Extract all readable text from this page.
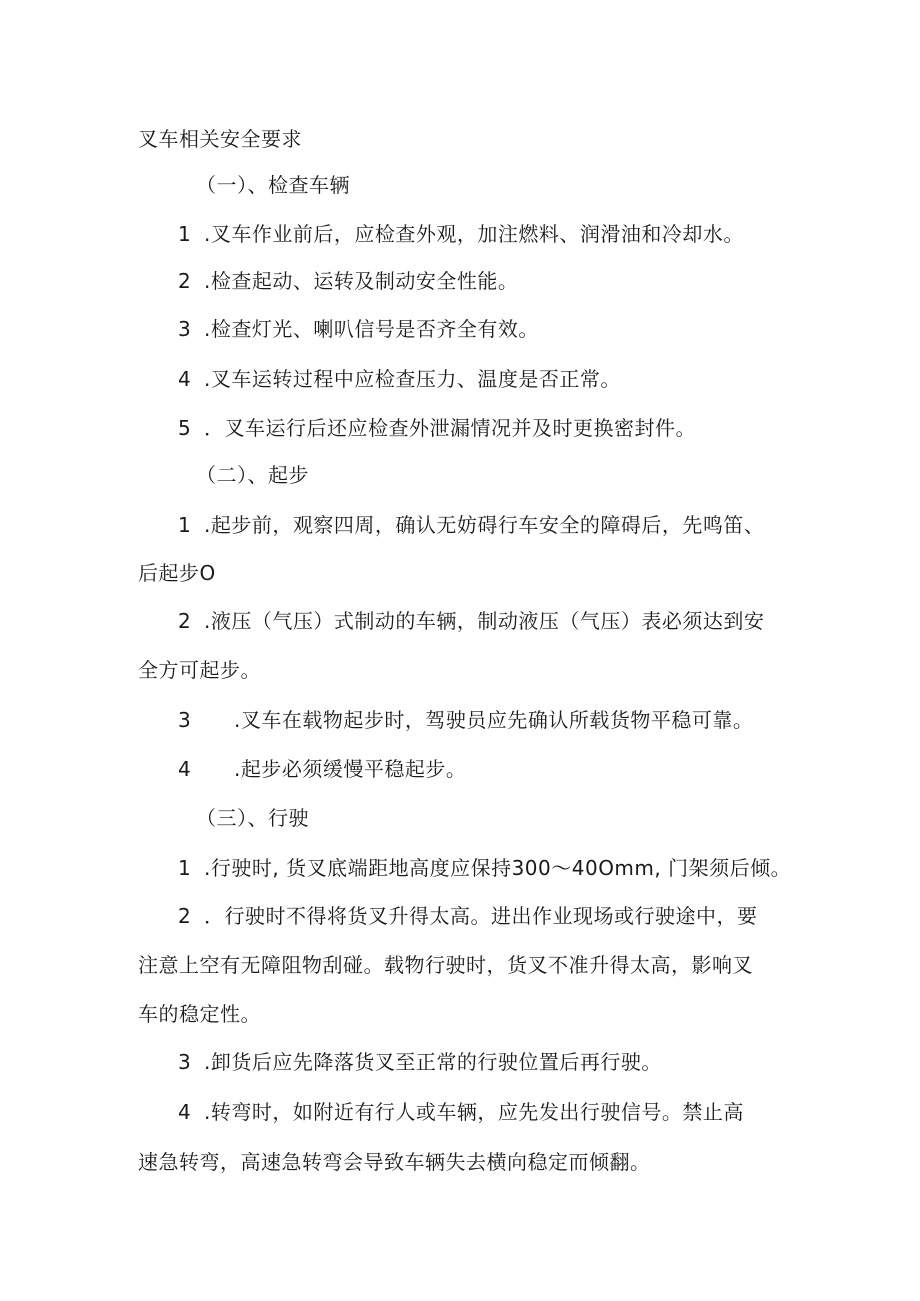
叉车相关安全要求
（一）、检查车辆
1 .叉车作业前后，应检查外观，加注燃料、润滑油和冷却水。
2 .检查起动、运转及制动安全性能。
3 .检查灯光、喇叭信号是否齐全有效。
4 .叉车运转过程中应检查压力、温度是否正常。
5 ．叉车运行后还应检查外泄漏情况并及时更换密封件。
（二）、起步
1 .起步前，观察四周，确认无妨碍行车安全的障碍后，先鸣笛、
后起步O
2 .液压（气压）式制动的车辆，制动液压（气压）表必须达到安
全方可起步。
3 .叉车在载物起步时，驾驶员应先确认所载货物平稳可靠。
4 .起步必须缓慢平稳起步。
（三）、行驶
1 .行驶时, 货叉底端距地高度应保持300～40Omm, 门架须后倾。
2 ．行驶时不得将货叉升得太高。进出作业现场或行驶途中，要
注意上空有无障阻物刮碰。载物行驶时，货叉不准升得太高，影响叉
车的稳定性。
3 .卸货后应先降落货叉至正常的行驶位置后再行驶。
4 .转弯时，如附近有行人或车辆，应先发出行驶信号。禁止高
速急转弯，高速急转弯会导致车辆失去横向稳定而倾翻。
